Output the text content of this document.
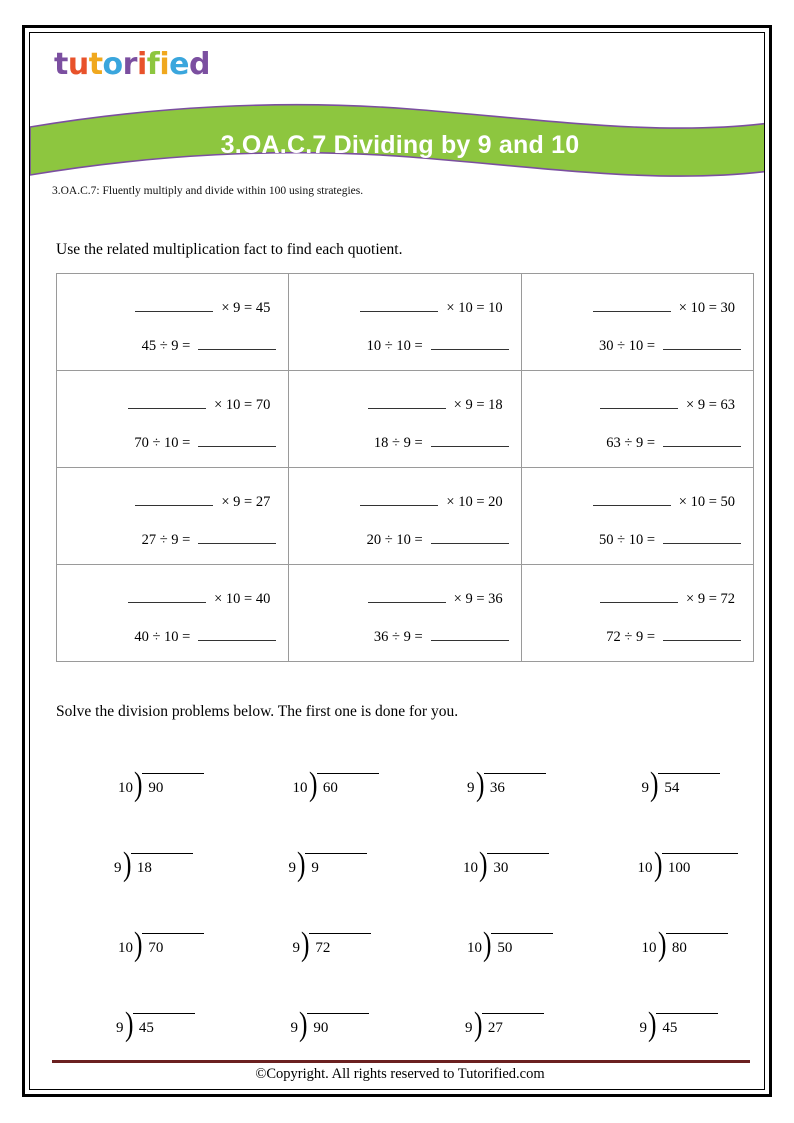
tutorified
3.OA.C.7 Dividing by 9 and 10
3.OA.C.7: Fluently multiply and divide within 100 using strategies.
Use the related multiplication fact to find each quotient.
× 9 = 45
45 ÷ 9 =

× 10 = 10
10 ÷ 10 =

× 10 = 30
30 ÷ 10 =

× 10 = 70
70 ÷ 10 =

× 9 = 18
18 ÷ 9 =

× 9 = 63
63 ÷ 9 =

× 9 = 27
27 ÷ 9 =

× 10 = 20
20 ÷ 10 =

× 10 = 50
50 ÷ 10 =

× 10 = 40
40 ÷ 10 =

× 9 = 36
36 ÷ 9 =

× 9 = 72
72 ÷ 9 =
Solve the division problems below. The first one is done for you.
10) 90	10) 60	9) 36	9) 54
9) 18	9) 9	10) 30	10) 100
10) 70	9) 72	10) 50	10) 80
9) 45	9) 90	9) 27	9) 45
©Copyright. All rights reserved to Tutorified.com
